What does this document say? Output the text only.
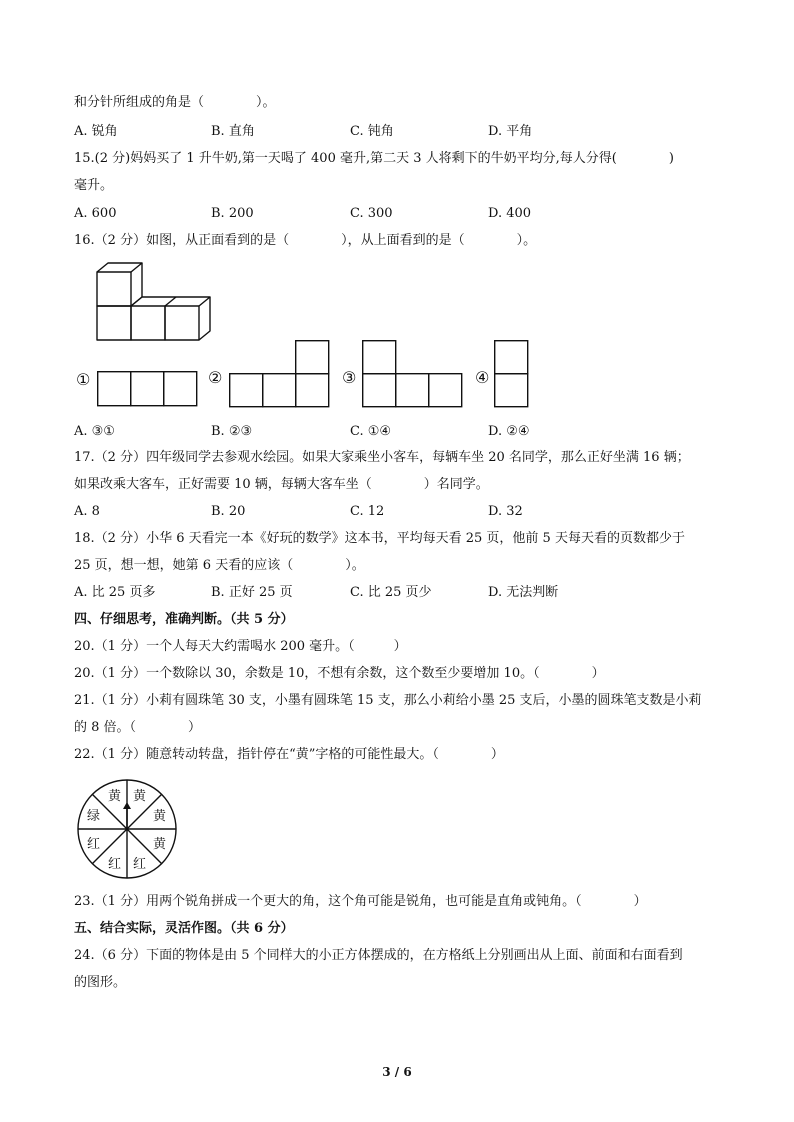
和分针所组成的角是（　　　　）。
A. 锐角	B. 直角	C. 钝角	D. 平角
15.(2 分)妈妈买了 1 升牛奶,第一天喝了 400 毫升,第二天 3 人将剩下的牛奶平均分,每人分得(　　　　)
毫升。
A. 600	B. 200	C. 300	D. 400
16.（2 分）如图，从正面看到的是（　　　　），从上面看到的是（　　　　）。
①	②	③	④
A. ③①	B. ②③	C. ①④	D. ②④
17.（2 分）四年级同学去参观水绘园。如果大家乘坐小客车，每辆车坐 20 名同学，那么正好坐满 16 辆；
如果改乘大客车，正好需要 10 辆，每辆大客车坐（　　　　）名同学。
A. 8	B. 20	C. 12	D. 32
18.（2 分）小华 6 天看完一本《好玩的数学》这本书，平均每天看 25 页，他前 5 天每天看的页数都少于
25 页，想一想，她第 6 天看的应该（　　　　）。
A. 比 25 页多	B. 正好 25 页	C. 比 25 页少	D. 无法判断
四、仔细思考，准确判断。（共 5 分）
20.（1 分）一个人每天大约需喝水 200 毫升。（　　　）
20.（1 分）一个数除以 30，余数是 10，不想有余数，这个数至少要增加 10。（　　　　）
21.（1 分）小莉有圆珠笔 30 支，小墨有圆珠笔 15 支，那么小莉给小墨 25 支后，小墨的圆珠笔支数是小莉
的 8 倍。（　　　　）
22.（1 分）随意转动转盘，指针停在“黄”字格的可能性最大。（　　　　）
黄 黄
黄
黄
红
红
红
绿
23.（1 分）用两个锐角拼成一个更大的角，这个角可能是锐角，也可能是直角或钝角。（　　　　）
五、结合实际，灵活作图。（共 6 分）
24.（6 分）下面的物体是由 5 个同样大的小正方体摆成的，在方格纸上分别画出从上面、前面和右面看到
的图形。
3 / 6
